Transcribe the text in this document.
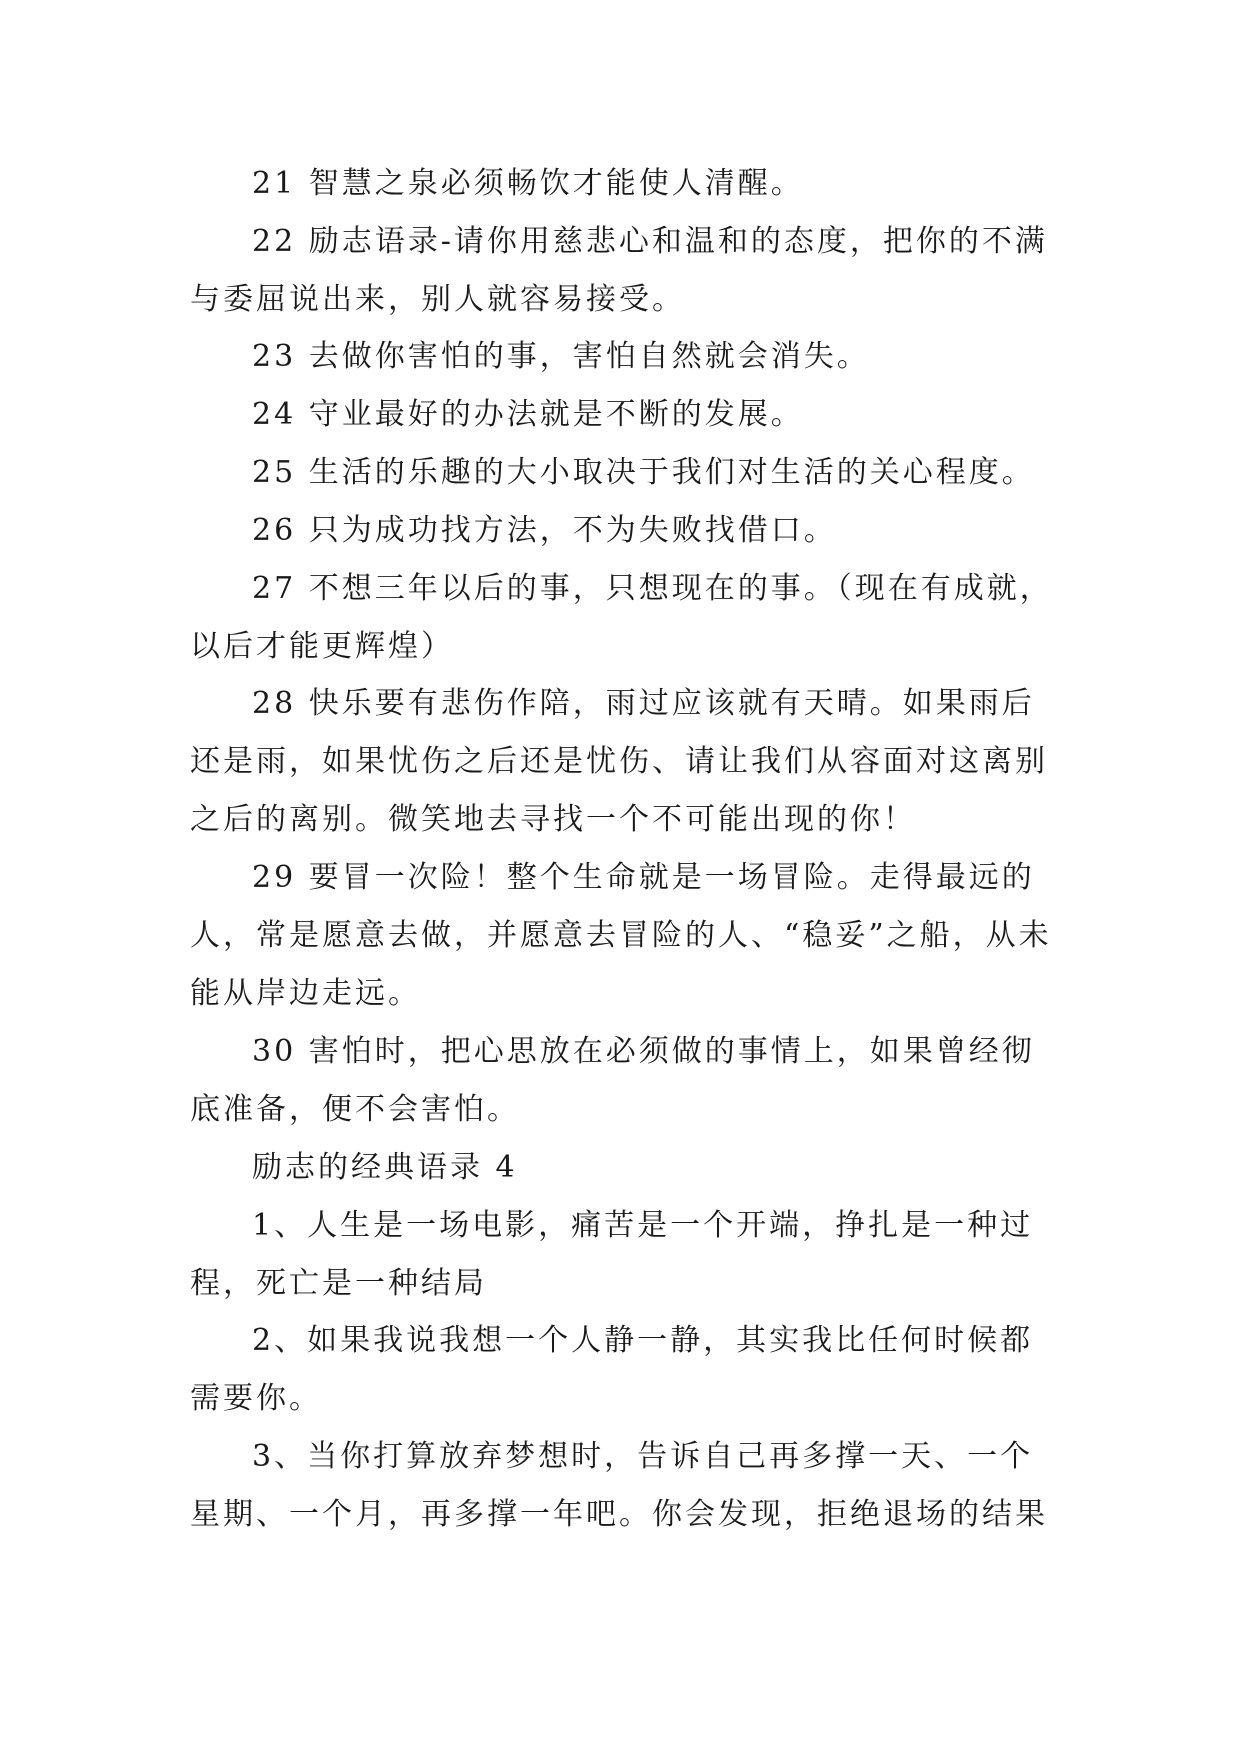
21 智慧之泉必须畅饮才能使人清醒。

22 励志语录-请你用慈悲心和温和的态度，把你的不满与委屈说出来，别人就容易接受。

23 去做你害怕的事，害怕自然就会消失。

24 守业最好的办法就是不断的发展。

25 生活的乐趣的大小取决于我们对生活的关心程度。

26 只为成功找方法，不为失败找借口。

27 不想三年以后的事，只想现在的事。（现在有成就，以后才能更辉煌）

28 快乐要有悲伤作陪，雨过应该就有天晴。如果雨后还是雨，如果忧伤之后还是忧伤、请让我们从容面对这离别之后的离别。微笑地去寻找一个不可能出现的你！

29 要冒一次险！整个生命就是一场冒险。走得最远的人，常是愿意去做，并愿意去冒险的人、“稳妥”之船，从未能从岸边走远。

30 害怕时，把心思放在必须做的事情上，如果曾经彻底准备，便不会害怕。

励志的经典语录 4

1、人生是一场电影，痛苦是一个开端，挣扎是一种过程，死亡是一种结局

2、如果我说我想一个人静一静，其实我比任何时候都需要你。

3、当你打算放弃梦想时，告诉自己再多撑一天、一个星期、一个月，再多撑一年吧。你会发现，拒绝退场的结果
